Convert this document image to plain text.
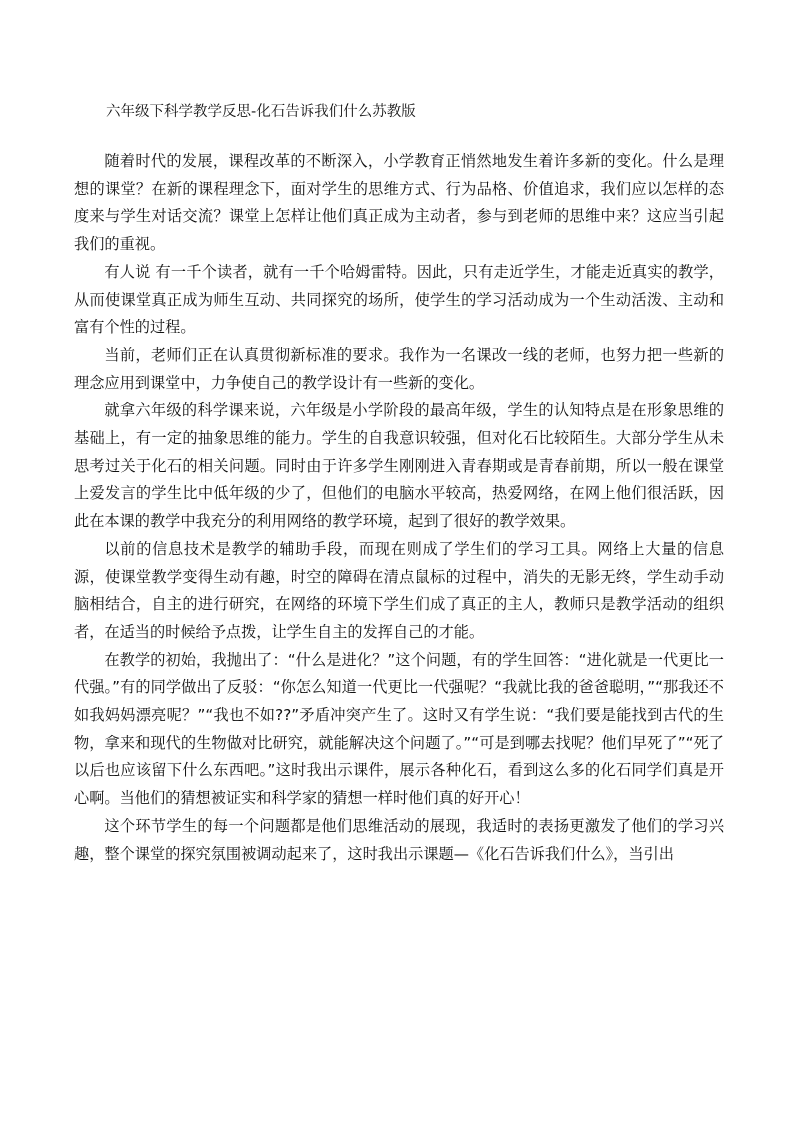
六年级下科学教学反思-化石告诉我们什么苏教版

随着时代的发展，课程改革的不断深入，小学教育正悄然地发生着许多新的变化。什么是理想的课堂？在新的课程理念下，面对学生的思维方式、行为品格、价值追求，我们应以怎样的态度来与学生对话交流？课堂上怎样让他们真正成为主动者，参与到老师的思维中来？这应当引起我们的重视。

有人说 有一千个读者，就有一千个哈姆雷特。因此，只有走近学生，才能走近真实的教学，从而使课堂真正成为师生互动、共同探究的场所，使学生的学习活动成为一个生动活泼、主动和富有个性的过程。

当前，老师们正在认真贯彻新标准的要求。我作为一名课改一线的老师，也努力把一些新的理念应用到课堂中，力争使自己的教学设计有一些新的变化。

就拿六年级的科学课来说，六年级是小学阶段的最高年级，学生的认知特点是在形象思维的基础上，有一定的抽象思维的能力。学生的自我意识较强，但对化石比较陌生。大部分学生从未思考过关于化石的相关问题。同时由于许多学生刚刚进入青春期或是青春前期，所以一般在课堂上爱发言的学生比中低年级的少了，但他们的电脑水平较高，热爱网络，在网上他们很活跃，因此在本课的教学中我充分的利用网络的教学环境，起到了很好的教学效果。

以前的信息技术是教学的辅助手段，而现在则成了学生们的学习工具。网络上大量的信息源，使课堂教学变得生动有趣，时空的障碍在清点鼠标的过程中，消失的无影无终，学生动手动脑相结合，自主的进行研究，在网络的环境下学生们成了真正的主人，教师只是教学活动的组织者，在适当的时候给予点拨，让学生自主的发挥自己的才能。

在教学的初始，我抛出了：“什么是进化？”这个问题，有的学生回答：“进化就是一代更比一代强。”有的同学做出了反驳：“你怎么知道一代更比一代强呢？“我就比我的爸爸聪明，”“那我还不如我妈妈漂亮呢？”“我也不如??”矛盾冲突产生了。这时又有学生说：“我们要是能找到古代的生物，拿来和现代的生物做对比研究，就能解决这个问题了。”“可是到哪去找呢？他们早死了”“死了以后也应该留下什么东西吧。”这时我出示课件，展示各种化石，看到这么多的化石同学们真是开心啊。当他们的猜想被证实和科学家的猜想一样时他们真的好开心！

这个环节学生的每一个问题都是他们思维活动的展现，我适时的表扬更激发了他们的学习兴趣，整个课堂的探究氛围被调动起来了，这时我出示课题—《化石告诉我们什么》，当引出
